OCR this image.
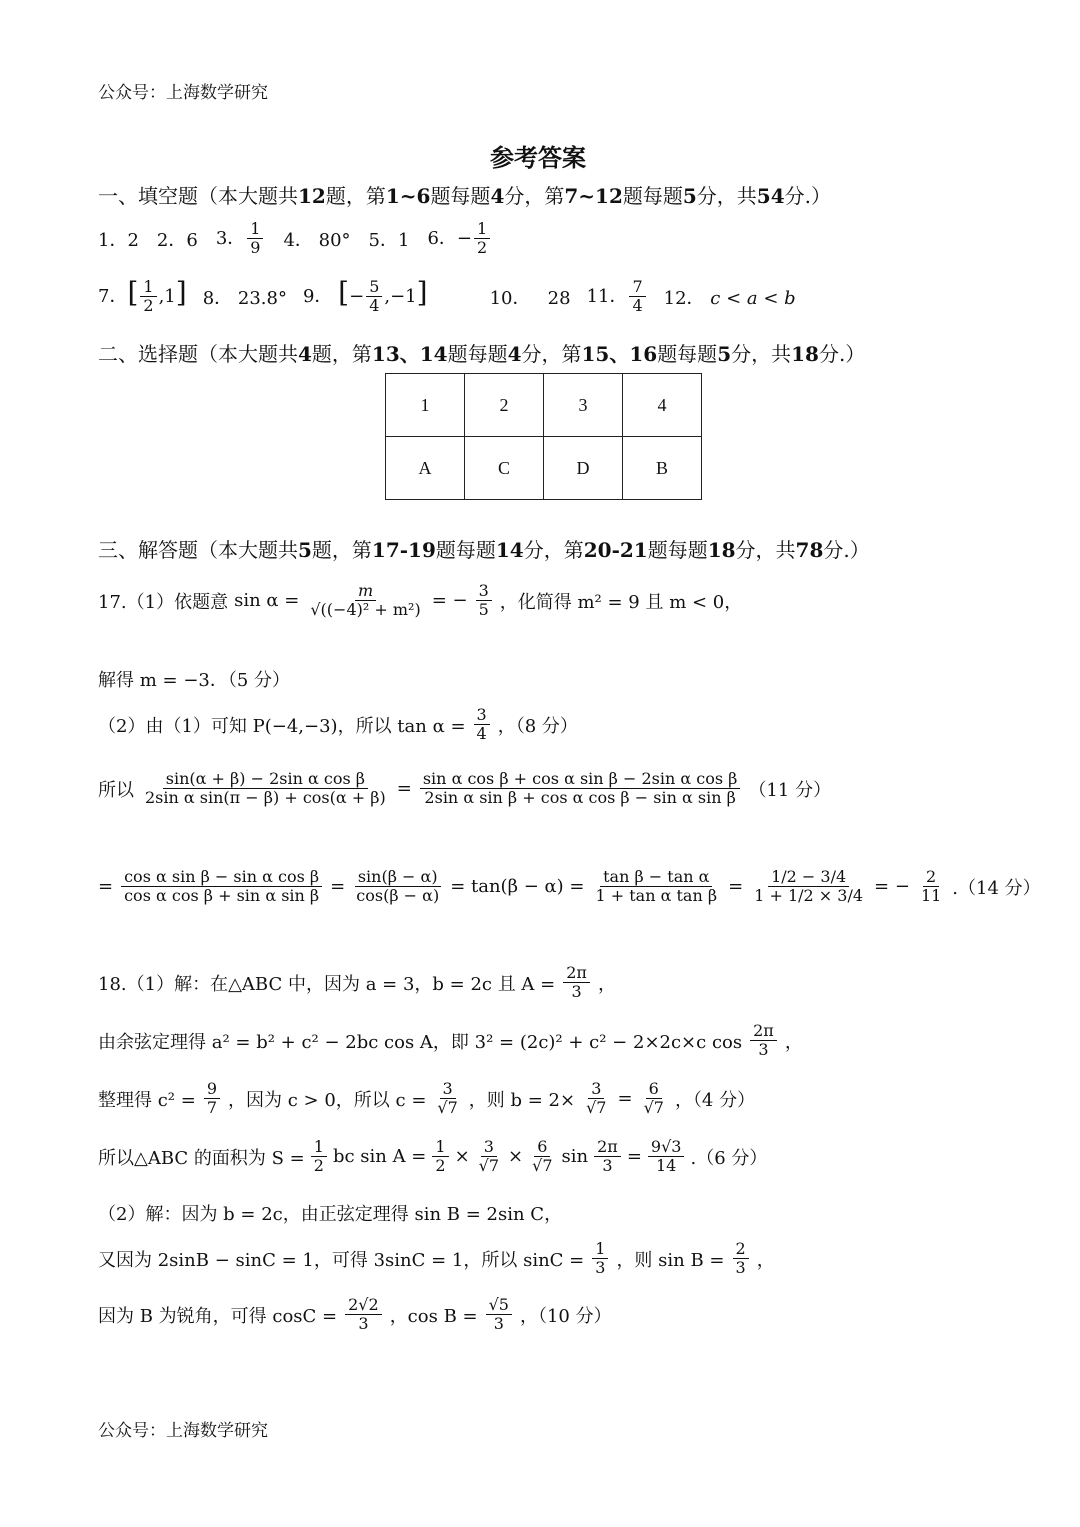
公众号：上海数学研究
参考答案
一、填空题（本大题共12题，第1~6题每题4分，第7~12题每题5分，共54分.）
1．2 2．6 3． $\frac{1}{9} 4$． 80° 5．1 6．− $\frac{1}{2}$
7．[ $\frac{1}{2} ,1$] 8． 23.8° 9． [− $\frac{5}{4} ,-1$]	10． 28 11． $\frac{7}{4} 12$． c < a < b
二、选择题（本大题共4题，第13、14题每题4分，第15、16题每题5分，共18分.）
1	2	3	4
A	C	D	B
三、解答题（本大题共5题，第17-19题每题14分，第20-21题每题18分，共78分.）
17.（1）依题意 $\sin \alpha = \frac{m}{\text{√((−4)² + m²)}}$ = − $\frac{3}{5}$ ，化简得 m² = 9 且 m < 0，
解得 m = −3．（5 分）
（2）由（1）可知 P(−4,−3)，所以 $\tan \alpha = \frac{3}{4}$ ，（8 分）
所以 $\frac{\text{sin(α + β) − 2sin α cos β}}{\text{2sin α sin(π − β) + cos(α + β)}} = \frac{\text{sin α cos β + cos α sin β − 2sin α cos β}}{\text{2sin α sin β + cos α cos β − sin α sin β}} (11$ 分）
= $\frac{\text{cos α sin β − sin α cos β}}{\text{cos α cos β + sin α sin β}} = \frac{\sin(\beta - \alpha)}{\cos(\beta - \alpha)} = \tan(\beta - \alpha) = \frac{\text{tan β − tan α}}{\text{1 + tan α tan β}} = \frac{1/2 - 3/4}{1 + 1/2 \times 3/4}$ = − $\frac{2}{11} .(14$ 分）
18.（1）解：在△ABC 中，因为 a = 3，b = 2c 且 $A = \frac{2\pi}{3}$ ，
由余弦定理得 a² = b² + c² − 2bc cos A，即 3² = (2c)² + c² − 2×2c×c $\cos \frac{2\pi}{3}$ ，
整理得 $c^2 = \frac{9}{7}$ ，因为 c > 0，所以 $c = \frac{3}{√7}$ ，则 $b = 2\times \frac{3}{√7} = \frac{6}{√7}$ ，（4 分）
所以△ABC 的面积为 $S = \frac{1}{2}$ bc $\sin A = \frac{1}{2} \times \frac{3}{√7} \times \frac{6}{√7}$ $\sin \frac{2\pi}{3} = \frac{9√3}{14} .(6$ 分）
（2）解：因为 b = 2c，由正弦定理得 sin B = 2sin C，
又因为 2sinB − sinC = 1，可得 3sinC = 1，所以 $\sin C = \frac{1}{3}$ ，则 $\sin B = \frac{2}{3}$ ，
因为 B 为锐角，可得 $\cos C = \frac{2√2}{3}$ ，$\cos B = \frac{√5}{3}$ ，（10 分）
公众号：上海数学研究
